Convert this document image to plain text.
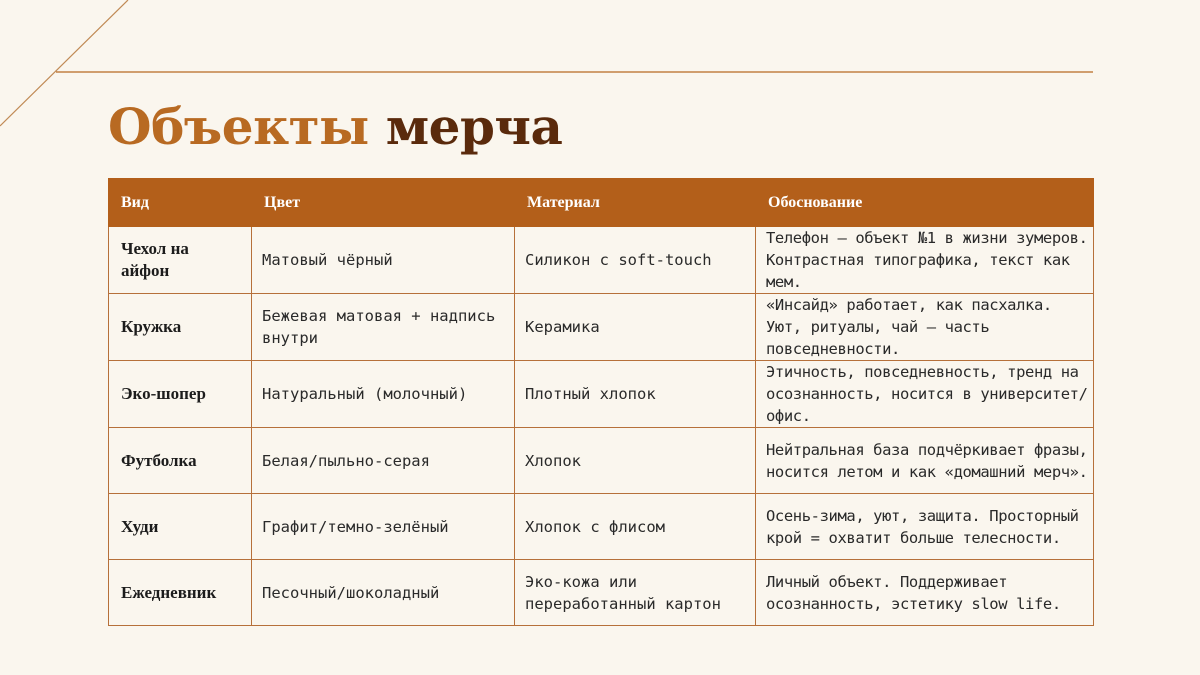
Объекты мерча
Вид	Цвет	Материал	Обоснование
Чехол на айфон	Матовый чёрный	Силикон с soft-touch	Телефон — объект №1 в жизни зумеров. Контрастная типографика, текст как мем.
Кружка	Бежевая матовая + надпись внутри	Керамика	«Инсайд» работает, как пасхалка. Уют, ритуалы, чай — часть повседневности.
Эко-шопер	Натуральный (молочный)	Плотный хлопок	Этичность, повседневность, тренд на осознанность, носится в университет/офис.
Футболка	Белая/пыльно-серая	Хлопок	Нейтральная база подчёркивает фразы, носится летом и как «домашний мерч».
Худи	Графит/темно-зелёный	Хлопок с флисом	Осень-зима, уют, защита. Просторный крой = охватит больше телесности.
Ежедневник	Песочный/шоколадный	Эко-кожа или переработанный картон	Личный объект. Поддерживает осознанность, эстетику slow life.
